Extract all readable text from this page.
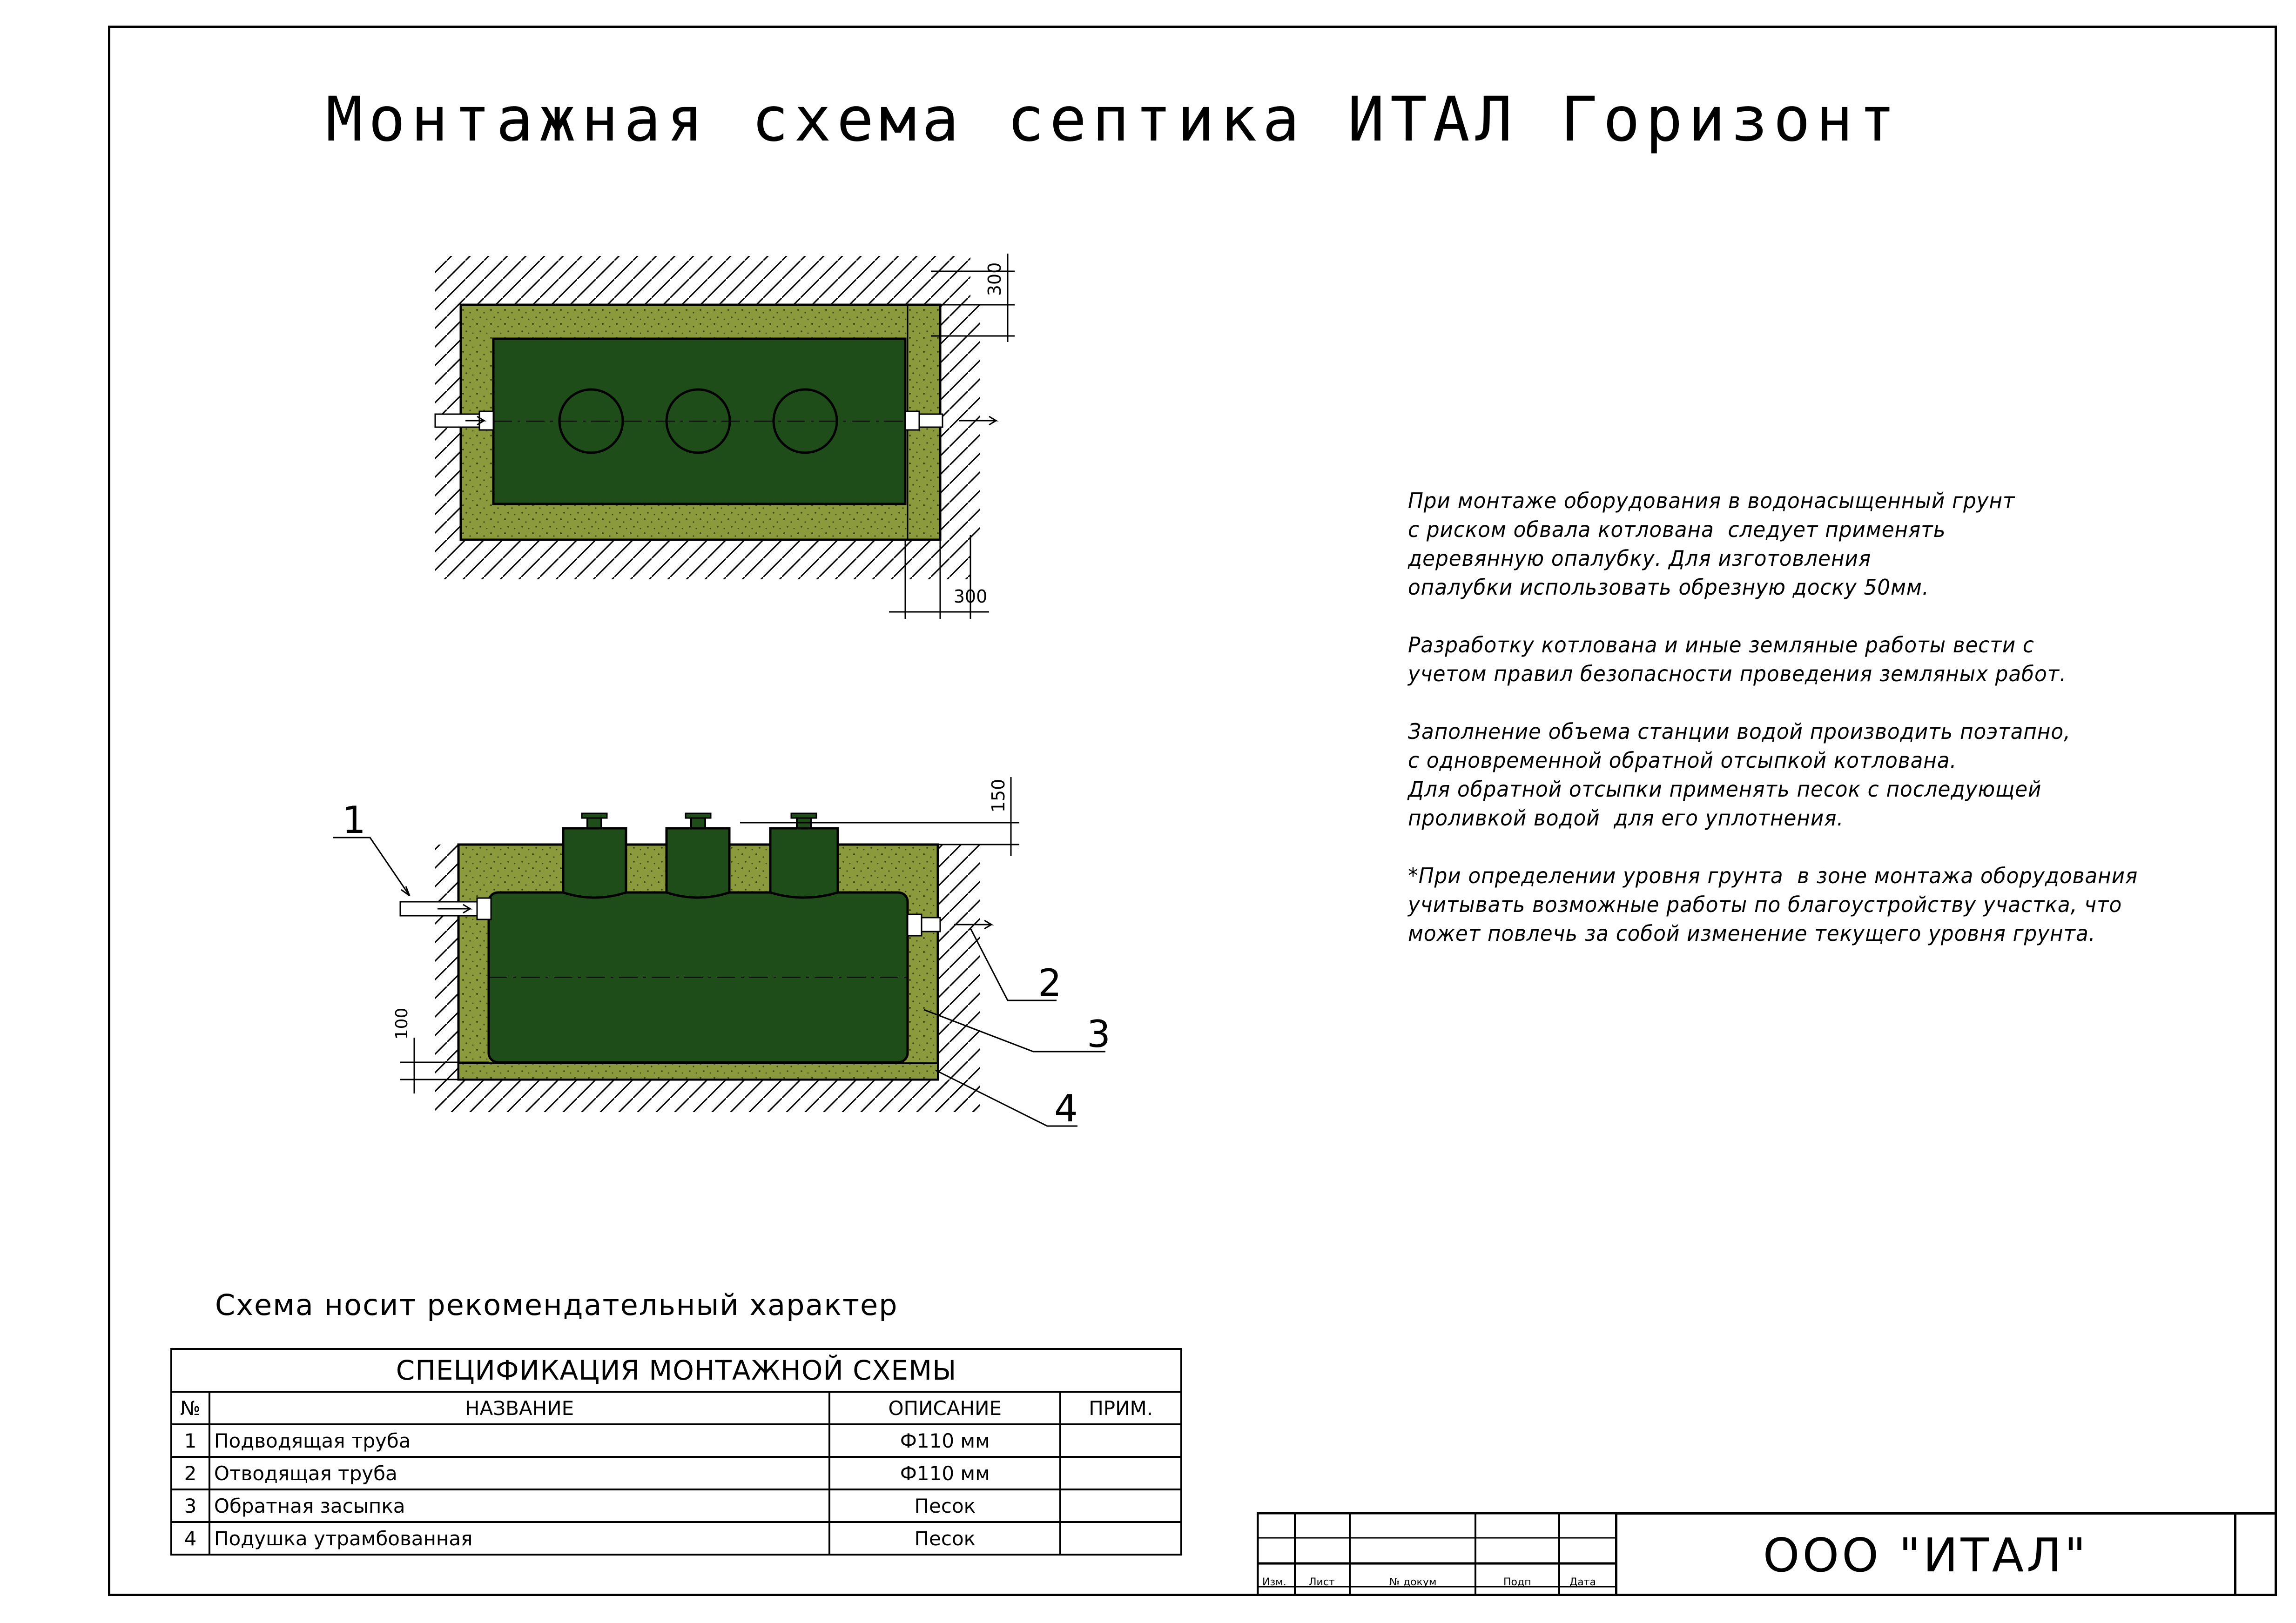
Монтажная схема септика ИТАЛ Горизонт
300
300
150
100
1
2
3
4

При монтаже оборудования в водонасыщенный грунт
с риском обвала котлована  следует применять
деревянную опалубку. Для изготовления
опалубки использовать обрезную доску 50мм.

Разработку котлована и иные земляные работы вести с
учетом правил безопасности проведения земляных работ.

Заполнение объема станции водой производить поэтапно,
с одновременной обратной отсыпкой котлована.
Для обратной отсыпки применять песок с последующей
проливкой водой  для его уплотнения.

*При определении уровня грунта  в зоне монтажа оборудования
учитывать возможные работы по благоустройству участка, что
может повлечь за собой изменение текущего уровня грунта.

Схема носит рекомендательный характер
СПЕЦИФИКАЦИЯ МОНТАЖНОЙ СХЕМЫ			
№	НАЗВАНИЕ	ОПИСАНИЕ	ПРИМ.
1	Подводящая труба	Ф110 мм	
2	Отводящая труба	Ф110 мм	
3	Обратная засыпка	Песок	
4	Подушка утрамбованная	Песок	
Изм. Лист	№ докум	Подп	Дата	ООО "ИТАЛ"
